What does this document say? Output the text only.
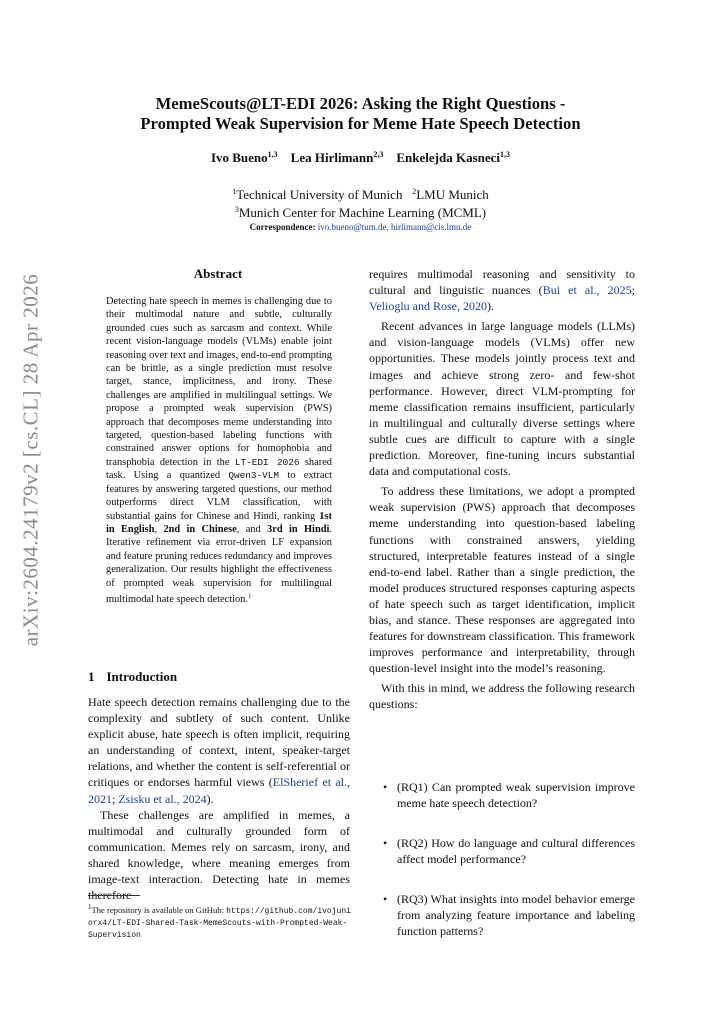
arXiv:2604.24179v2 [cs.CL] 28 Apr 2026
MemeScouts@LT-EDI 2026: Asking the Right Questions -
Prompted Weak Supervision for Meme Hate Speech Detection
Ivo Bueno$^{1,3}$ Lea Hirlimann$^{2,3}$ Enkelejda Kasneci$^{1,3}$
$^1$Technical University of Munich $^2$LMU Munich
$^3$Munich Center for Machine Learning (MCML)
Correspondence: ivo.bueno@tum.de, hirlimann@cis.lmu.de
Abstract
Detecting hate speech in memes is challenging due to their multimodal nature and subtle, culturally grounded cues such as sarcasm and context. While recent vision-language models (VLMs) enable joint reasoning over text and images, end-to-end prompting can be brittle, as a single prediction must resolve target, stance, implicitness, and irony. These challenges are amplified in multilingual settings. We propose a prompted weak supervision (PWS) approach that decomposes meme understanding into targeted, question-based labeling functions with constrained answer options for homophobia and transphobia detection in the LT-EDI 2026 shared task. Using a quantized Qwen3-VLM to extract features by answering targeted questions, our method outperforms direct VLM classification, with substantial gains for Chinese and Hindi, ranking 1st in English, 2nd in Chinese, and 3rd in Hindi. Iterative refinement via error-driven LF expansion and feature pruning reduces redundancy and improves generalization. Our results highlight the effectiveness of prompted weak supervision for multilingual multimodal hate speech detection.$^1$
1 Introduction

Hate speech detection remains challenging due to the complexity and subtlety of such content. Unlike explicit abuse, hate speech is often implicit, requiring an understanding of context, intent, speaker-target relations, and whether the content is self-referential or critiques or endorses harmful views (ElSherief et al., 2021; Zsisku et al., 2024).

These challenges are amplified in memes, a multimodal and culturally grounded form of communication. Memes rely on sarcasm, irony, and shared knowledge, where meaning emerges from image-text interaction. Detecting hate in memes therefore

$^1$The repository is available on GitHub: https://github.com/ivojuniorx4/LT-EDI-Shared-Task-MemeScouts-with-Prompted-Weak-Supervision

requires multimodal reasoning and sensitivity to cultural and linguistic nuances (Bui et al., 2025; Velioglu and Rose, 2020).

Recent advances in large language models (LLMs) and vision-language models (VLMs) offer new opportunities. These models jointly process text and images and achieve strong zero- and few-shot performance. However, direct VLM-prompting for meme classification remains insufficient, particularly in multilingual and culturally diverse settings where subtle cues are difficult to capture with a single prediction. Moreover, fine-tuning incurs substantial data and computational costs.

To address these limitations, we adopt a prompted weak supervision (PWS) approach that decomposes meme understanding into question-based labeling functions with constrained answers, yielding structured, interpretable features instead of a single end-to-end label. Rather than a single prediction, the model produces structured responses capturing aspects of hate speech such as target identification, implicit bias, and stance. These responses are aggregated into features for downstream classification. This framework improves performance and interpretability, through question-level insight into the model’s reasoning.

With this in mind, we address the following research questions:

• (RQ1) Can prompted weak supervision improve meme hate speech detection?
• (RQ2) How do language and cultural differences affect model performance?
• (RQ3) What insights into model behavior emerge from analyzing feature importance and labeling function patterns?
